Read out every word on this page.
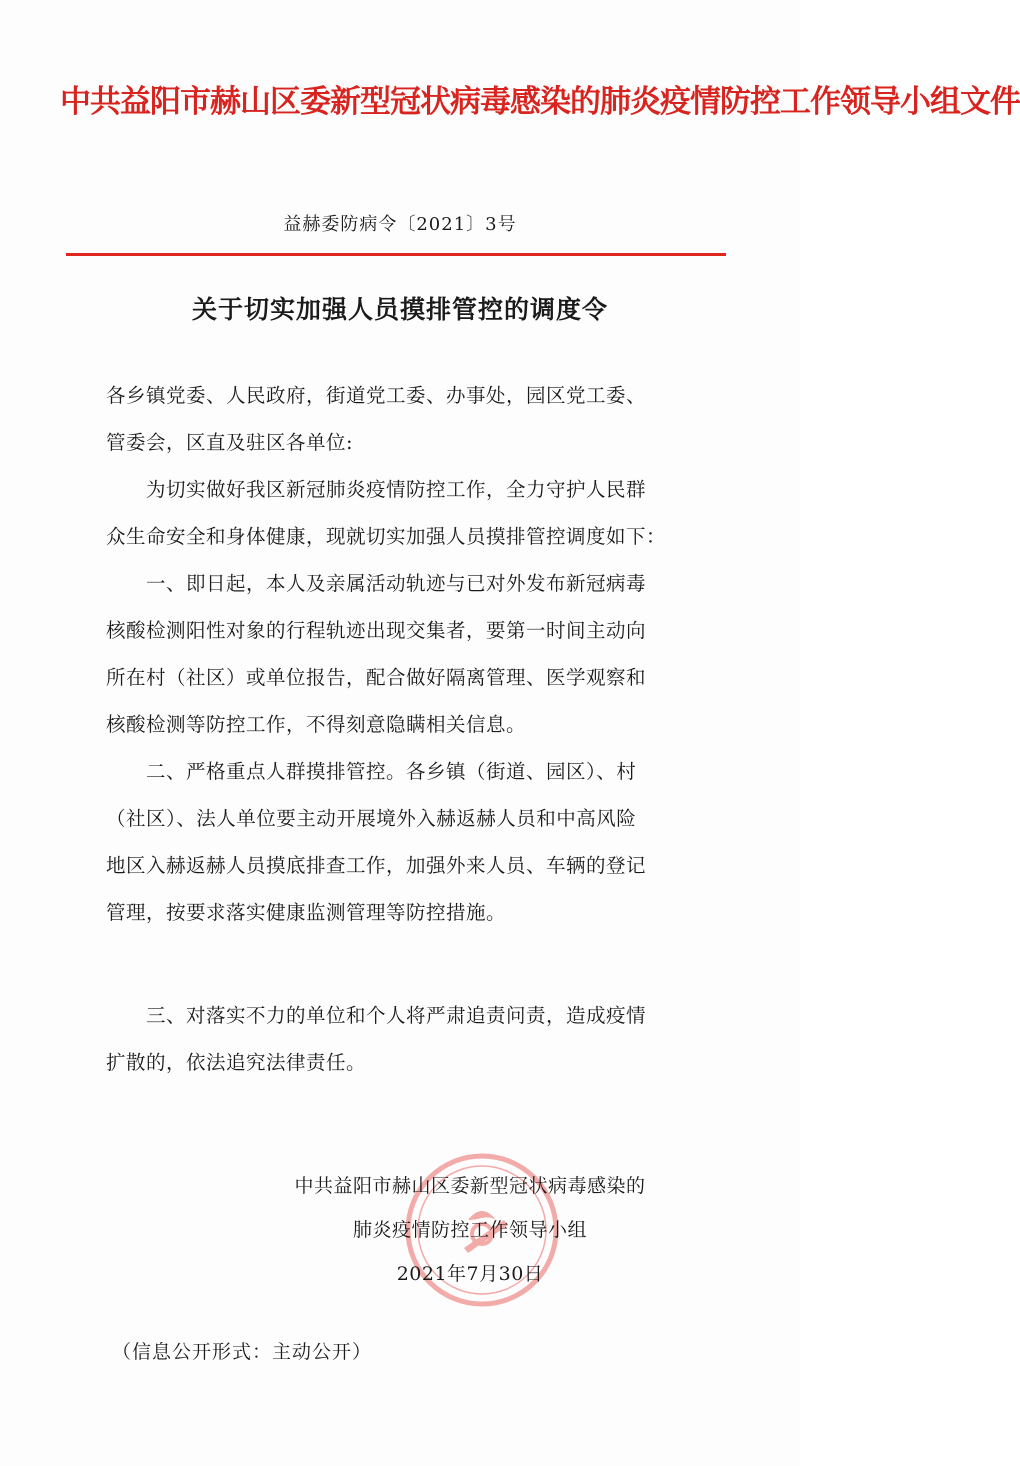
中共益阳市赫山区委新型冠状病毒感染的肺炎疫情防控工作领导小组文件
益赫委防病令〔2021〕3号
关于切实加强人员摸排管控的调度令

各乡镇党委、人民政府，街道党工委、办事处，园区党工委、

管委会，区直及驻区各单位:

为切实做好我区新冠肺炎疫情防控工作，全力守护人民群

众生命安全和身体健康，现就切实加强人员摸排管控调度如下：

一、即日起，本人及亲属活动轨迹与已对外发布新冠病毒

核酸检测阳性对象的行程轨迹出现交集者，要第一时间主动向

所在村（社区）或单位报告，配合做好隔离管理、医学观察和

核酸检测等防控工作，不得刻意隐瞒相关信息。

二、严格重点人群摸排管控。各乡镇（街道、园区）、村

（社区）、法人单位要主动开展境外入赫返赫人员和中高风险

地区入赫返赫人员摸底排查工作，加强外来人员、车辆的登记

管理，按要求落实健康监测管理等防控措施。

三、对落实不力的单位和个人将严肃追责问责，造成疫情

扩散的，依法追究法律责任。

中共益阳市赫山区委新型冠状病毒感染的

肺炎疫情防控工作领导小组

2021年7月30日

（信息公开形式：主动公开）
